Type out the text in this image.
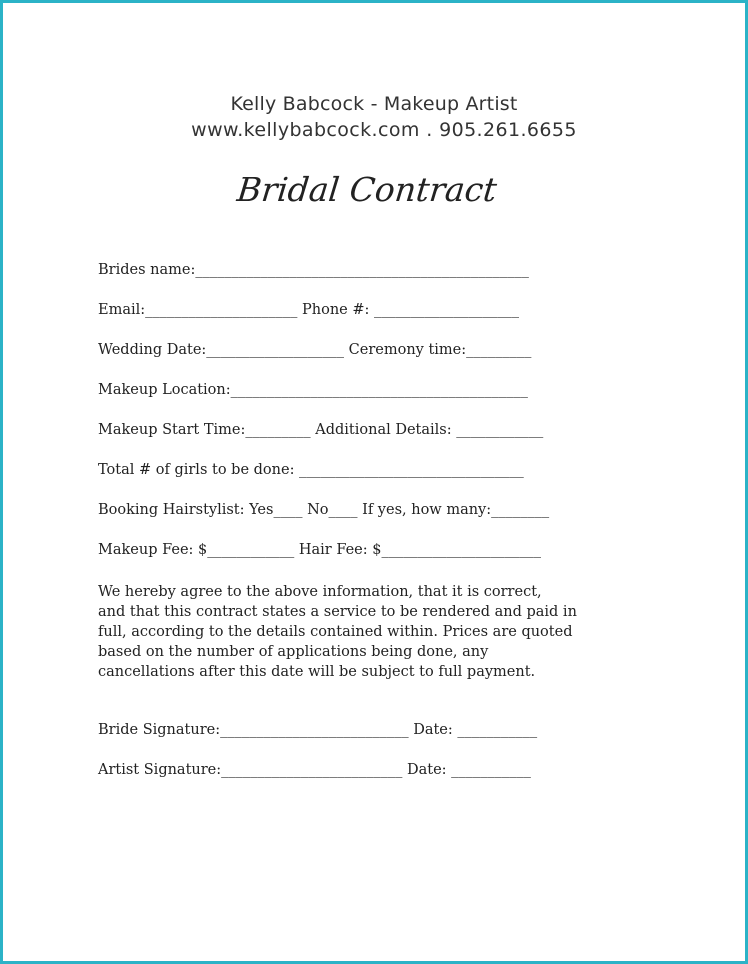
Kelly Babcock - Makeup Artist
www.kellybabcock.com . 905.261.6655
Bridal Contract
Brides name:______________________________________________
Email:_____________________ Phone #: ____________________
Wedding Date:___________________ Ceremony time:_________
Makeup Location:_________________________________________
Makeup Start Time:_________ Additional Details: ____________
Total # of girls to be done: _______________________________
Booking Hairstylist: Yes____ No____ If yes, how many:________
Makeup Fee: $____________ Hair Fee: $______________________
We hereby agree to the above information, that it is correct,
and that this contract states a service to be rendered and paid in
full, according to the details contained within. Prices are quoted
based on the number of applications being done, any
cancellations after this date will be subject to full payment.
Bride Signature:__________________________ Date: ___________
Artist Signature:_________________________ Date: ___________
